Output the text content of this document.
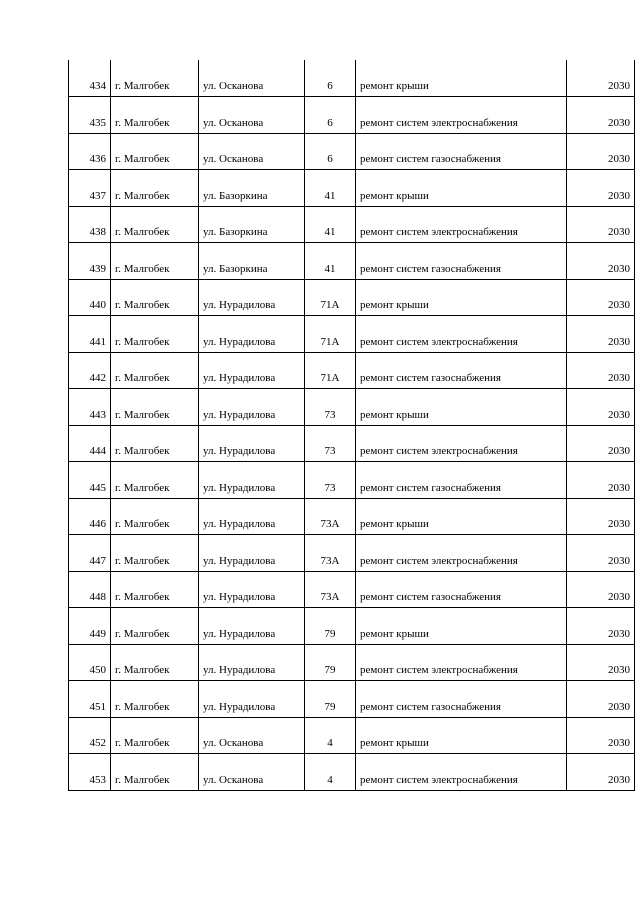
434	г. Малгобек	ул. Осканова	6	ремонт крыши	2030
435	г. Малгобек	ул. Осканова	6	ремонт систем электроснабжения	2030
436	г. Малгобек	ул. Осканова	6	ремонт систем газоснабжения	2030
437	г. Малгобек	ул. Базоркина	41	ремонт крыши	2030
438	г. Малгобек	ул. Базоркина	41	ремонт систем электроснабжения	2030
439	г. Малгобек	ул. Базоркина	41	ремонт систем газоснабжения	2030
440	г. Малгобек	ул. Нурадилова	71А	ремонт крыши	2030
441	г. Малгобек	ул. Нурадилова	71А	ремонт систем электроснабжения	2030
442	г. Малгобек	ул. Нурадилова	71А	ремонт систем газоснабжения	2030
443	г. Малгобек	ул. Нурадилова	73	ремонт крыши	2030
444	г. Малгобек	ул. Нурадилова	73	ремонт систем электроснабжения	2030
445	г. Малгобек	ул. Нурадилова	73	ремонт систем газоснабжения	2030
446	г. Малгобек	ул. Нурадилова	73А	ремонт крыши	2030
447	г. Малгобек	ул. Нурадилова	73А	ремонт систем электроснабжения	2030
448	г. Малгобек	ул. Нурадилова	73А	ремонт систем газоснабжения	2030
449	г. Малгобек	ул. Нурадилова	79	ремонт крыши	2030
450	г. Малгобек	ул. Нурадилова	79	ремонт систем электроснабжения	2030
451	г. Малгобек	ул. Нурадилова	79	ремонт систем газоснабжения	2030
452	г. Малгобек	ул. Осканова	4	ремонт крыши	2030
453	г. Малгобек	ул. Осканова	4	ремонт систем электроснабжения	2030
